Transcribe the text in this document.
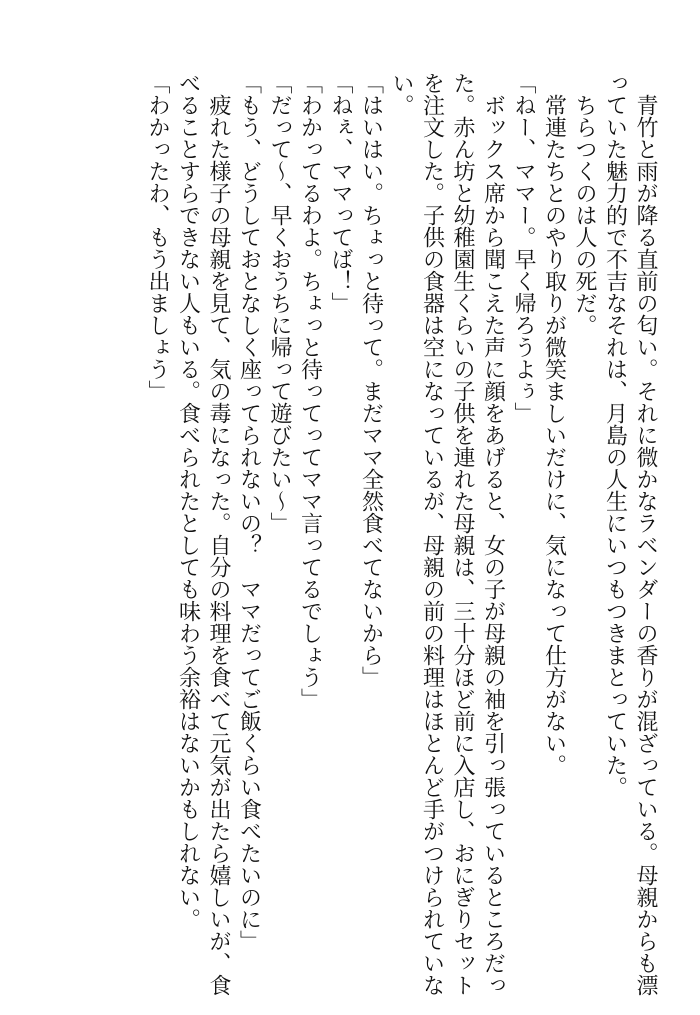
　青竹と雨が降る直前の匂い。それに微かなラベンダーの香りが混ざっている。母親からも漂

っていた魅力的で不吉なそれは、月島の人生にいつもつきまとっていた。

　ちらつくのは人の死だ。

　常連たちとのやり取りが微笑ましいだけに、気になって仕方がない。

「ねー、ママー。早く帰ろうよぅ」

　ボックス席から聞こえた声に顔をあげると、女の子が母親の袖を引っ張っているところだっ

た。赤ん坊と幼稚園生くらいの子供を連れた母親は、三十分ほど前に入店し、おにぎりセット

を注文した。子供の食器は空になっているが、母親の前の料理はほとんど手がつけられていな

い。

「はいはい。ちょっと待って。まだママ全然食べてないから」

「ねぇ、ママってば！」

「わかってるわよ。ちょっと待ってってママ言ってるでしょう」

「だって〜、早くおうちに帰って遊びたい〜」

「もう、どうしておとなしく座ってられないの？　ママだってご飯くらい食べたいのに」

　疲れた様子の母親を見て、気の毒になった。自分の料理を食べて元気が出たら嬉しいが、食

べることすらできない人もいる。食べられたとしても味わう余裕はないかもしれない。

「わかったわ、もう出ましょう」
